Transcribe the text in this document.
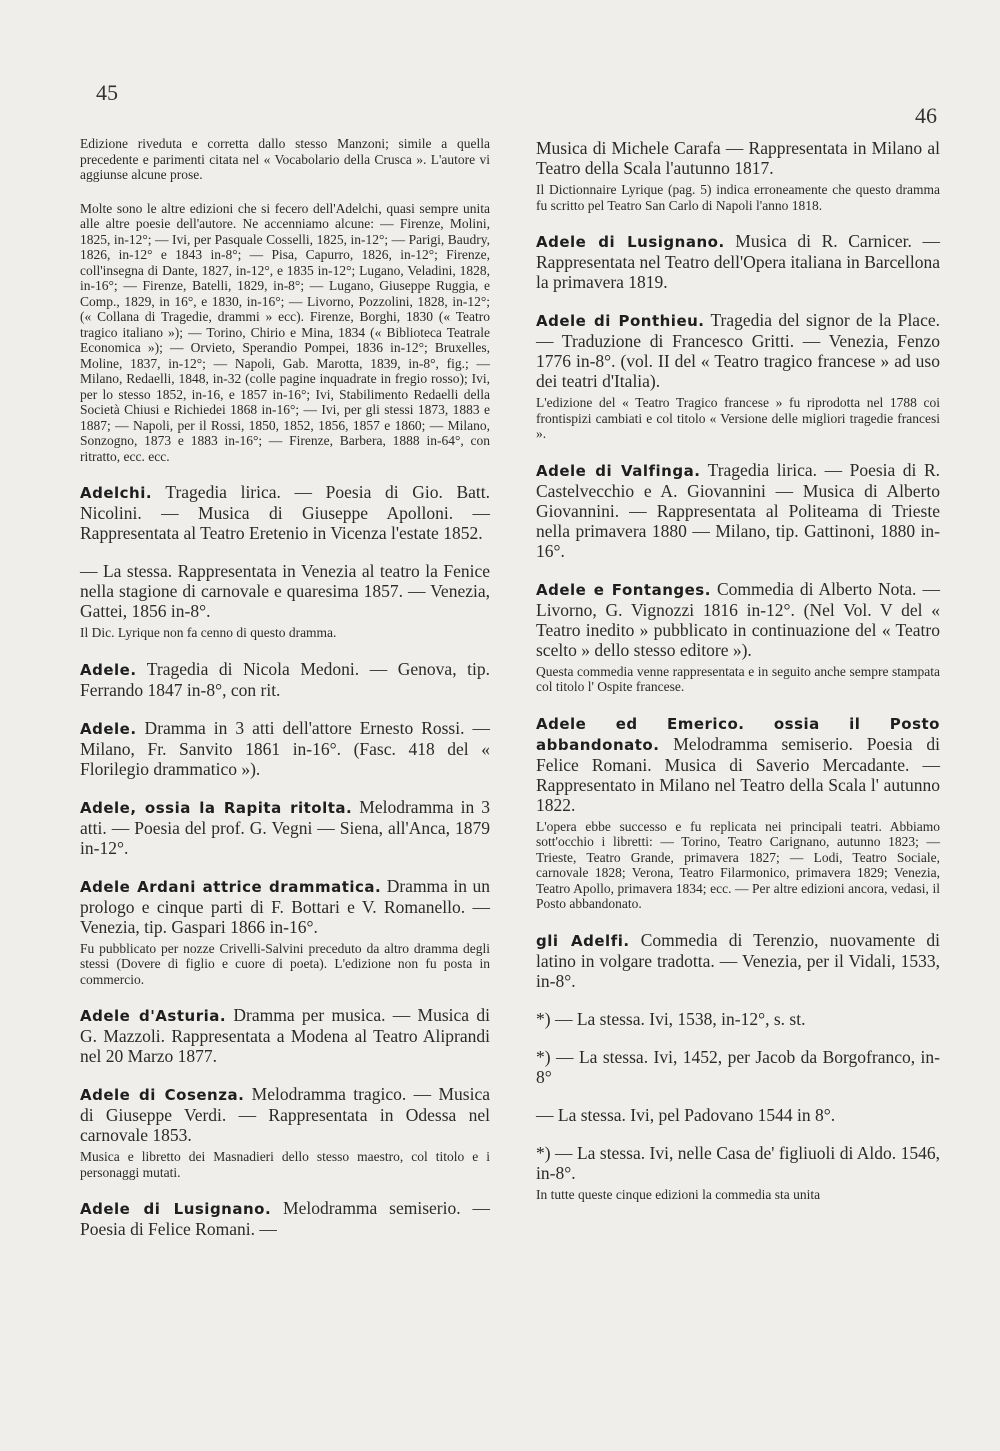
45
46
Edizione riveduta e corretta dallo stesso Manzoni; simile a quella precedente e parimenti citata nel « Vocabolario della Crusca ». L'autore vi aggiunse alcune prose.
Molte sono le altre edizioni che si fecero dell'Adelchi, quasi sempre unita alle altre poesie dell'autore. Ne accenniamo alcune: — Firenze, Molini, 1825, in-12°; — Ivi, per Pasquale Cosselli, 1825, in-12°; — Parigi, Baudry, 1826, in-12° e 1843 in-8°; — Pisa, Capurro, 1826, in-12°; Firenze, coll'insegna di Dante, 1827, in-12°, e 1835 in-12°; Lugano, Veladini, 1828, in-16°; — Firenze, Batelli, 1829, in-8°; — Lugano, Giuseppe Ruggia, e Comp., 1829, in 16°, e 1830, in-16°; — Livorno, Pozzolini, 1828, in-12°; (« Collana di Tragedie, drammi » ecc). Firenze, Borghi, 1830 (« Teatro tragico italiano »); — Torino, Chirio e Mina, 1834 (« Biblioteca Teatrale Economica »); — Orvieto, Sperandio Pompei, 1836 in-12°; Bruxelles, Moline, 1837, in-12°; — Napoli, Gab. Marotta, 1839, in-8°, fig.; — Milano, Redaelli, 1848, in-32 (colle pagine inquadrate in fregio rosso); Ivi, per lo stesso 1852, in-16, e 1857 in-16°; Ivi, Stabilimento Redaelli della Società Chiusi e Richiedei 1868 in-16°; — Ivi, per gli stessi 1873, 1883 e 1887; — Napoli, per il Rossi, 1850, 1852, 1856, 1857 e 1860; — Milano, Sonzogno, 1873 e 1883 in-16°; — Firenze, Barbera, 1888 in-64°, con ritratto, ecc. ecc.
Adelchi. Tragedia lirica. — Poesia di Gio. Batt. Nicolini. — Musica di Giuseppe Apolloni. — Rappresentata al Teatro Eretenio in Vicenza l'estate 1852.
— La stessa. Rappresentata in Venezia al teatro la Fenice nella stagione di carnovale e quaresima 1857. — Venezia, Gattei, 1856 in-8°.
Il Dic. Lyrique non fa cenno di questo dramma.
Adele. Tragedia di Nicola Medoni. — Genova, tip. Ferrando 1847 in-8°, con rit.
Adele. Dramma in 3 atti dell'attore Ernesto Rossi. — Milano, Fr. Sanvito 1861 in-16°. (Fasc. 418 del « Florilegio drammatico »).
Adele, ossia la Rapita ritolta. Melodramma in 3 atti. — Poesia del prof. G. Vegni — Siena, all'Anca, 1879 in-12°.
Adele Ardani attrice drammatica. Dramma in un prologo e cinque parti di F. Bottari e V. Romanello. — Venezia, tip. Gaspari 1866 in-16°.
Fu pubblicato per nozze Crivelli-Salvini preceduto da altro dramma degli stessi (Dovere di figlio e cuore di poeta). L'edizione non fu posta in commercio.
Adele d'Asturia. Dramma per musica. — Musica di G. Mazzoli. Rappresentata a Modena al Teatro Aliprandi nel 20 Marzo 1877.
Adele di Cosenza. Melodramma tragico. — Musica di Giuseppe Verdi. — Rappresentata in Odessa nel carnovale 1853.
Musica e libretto dei Masnadieri dello stesso maestro, col titolo e i personaggi mutati.
Adele di Lusignano. Melodramma semiserio. — Poesia di Felice Romani. —
Musica di Michele Carafa — Rappresentata in Milano al Teatro della Scala l'autunno 1817.
Il Dictionnaire Lyrique (pag. 5) indica erroneamente che questo dramma fu scritto pel Teatro San Carlo di Napoli l'anno 1818.
Adele di Lusignano. Musica di R. Carnicer. — Rappresentata nel Teatro dell'Opera italiana in Barcellona la primavera 1819.
Adele di Ponthieu. Tragedia del signor de la Place. — Traduzione di Francesco Gritti. — Venezia, Fenzo 1776 in-8°. (vol. II del « Teatro tragico francese » ad uso dei teatri d'Italia).
L'edizione del « Teatro Tragico francese » fu riprodotta nel 1788 coi frontispizi cambiati e col titolo « Versione delle migliori tragedie francesi ».
Adele di Valfinga. Tragedia lirica. — Poesia di R. Castelvecchio e A. Giovannini — Musica di Alberto Giovannini. — Rappresentata al Politeama di Trieste nella primavera 1880 — Milano, tip. Gattinoni, 1880 in-16°.
Adele e Fontanges. Commedia di Alberto Nota. — Livorno, G. Vignozzi 1816 in-12°. (Nel Vol. V del « Teatro inedito » pubblicato in continuazione del « Teatro scelto » dello stesso editore »).
Questa commedia venne rappresentata e in seguito anche sempre stampata col titolo l' Ospite francese.
Adele ed Emerico. ossia il Posto abbandonato. Melodramma semiserio. Poesia di Felice Romani. Musica di Saverio Mercadante. — Rappresentato in Milano nel Teatro della Scala l' autunno 1822.
L'opera ebbe successo e fu replicata nei principali teatri. Abbiamo sott'occhio i libretti: — Torino, Teatro Carignano, autunno 1823; — Trieste, Teatro Grande, primavera 1827; — Lodi, Teatro Sociale, carnovale 1828; Verona, Teatro Filarmonico, primavera 1829; Venezia, Teatro Apollo, primavera 1834; ecc. — Per altre edizioni ancora, vedasi, il Posto abbandonato.
gli Adelfi. Commedia di Terenzio, nuovamente di latino in volgare tradotta. — Venezia, per il Vidali, 1533, in-8°.
*) — La stessa. Ivi, 1538, in-12°, s. st.
*) — La stessa. Ivi, 1452, per Jacob da Borgofranco, in-8°
— La stessa. Ivi, pel Padovano 1544 in 8°.
*) — La stessa. Ivi, nelle Casa de' figliuoli di Aldo. 1546, in-8°.
In tutte queste cinque edizioni la commedia sta unita
